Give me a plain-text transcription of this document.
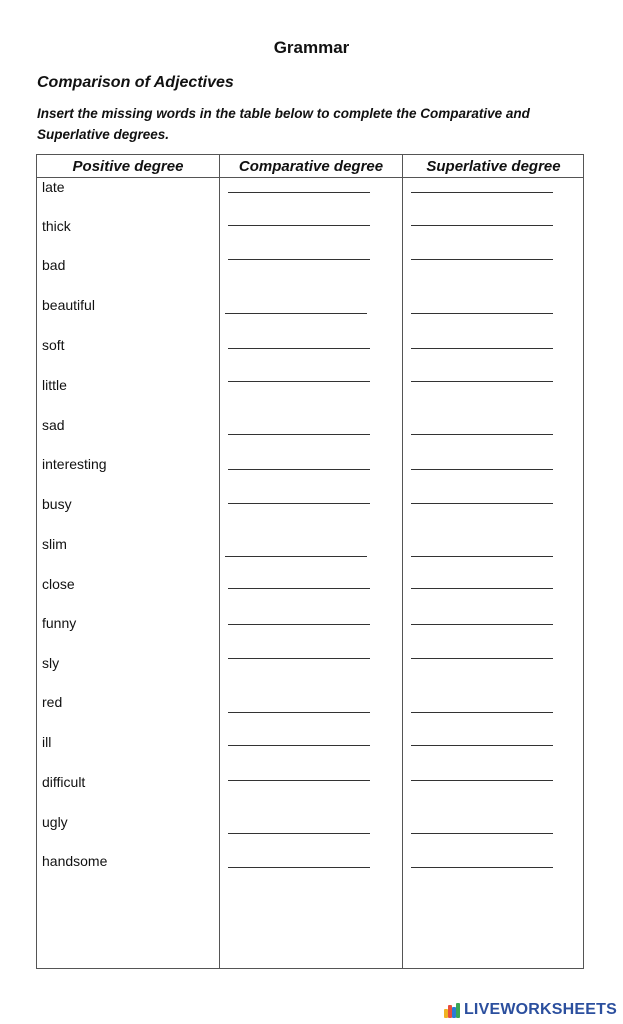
Grammar
Comparison of Adjectives
Insert the missing words in the table below to complete the Comparative and Superlative degrees.
Positive degree	Comparative degree	Superlative degree
late
thick
bad
beautiful
soft
little
sad
interesting
busy
slim
close
funny
sly
red
ill
difficult
ugly
handsome
LIVEWORKSHEETS
